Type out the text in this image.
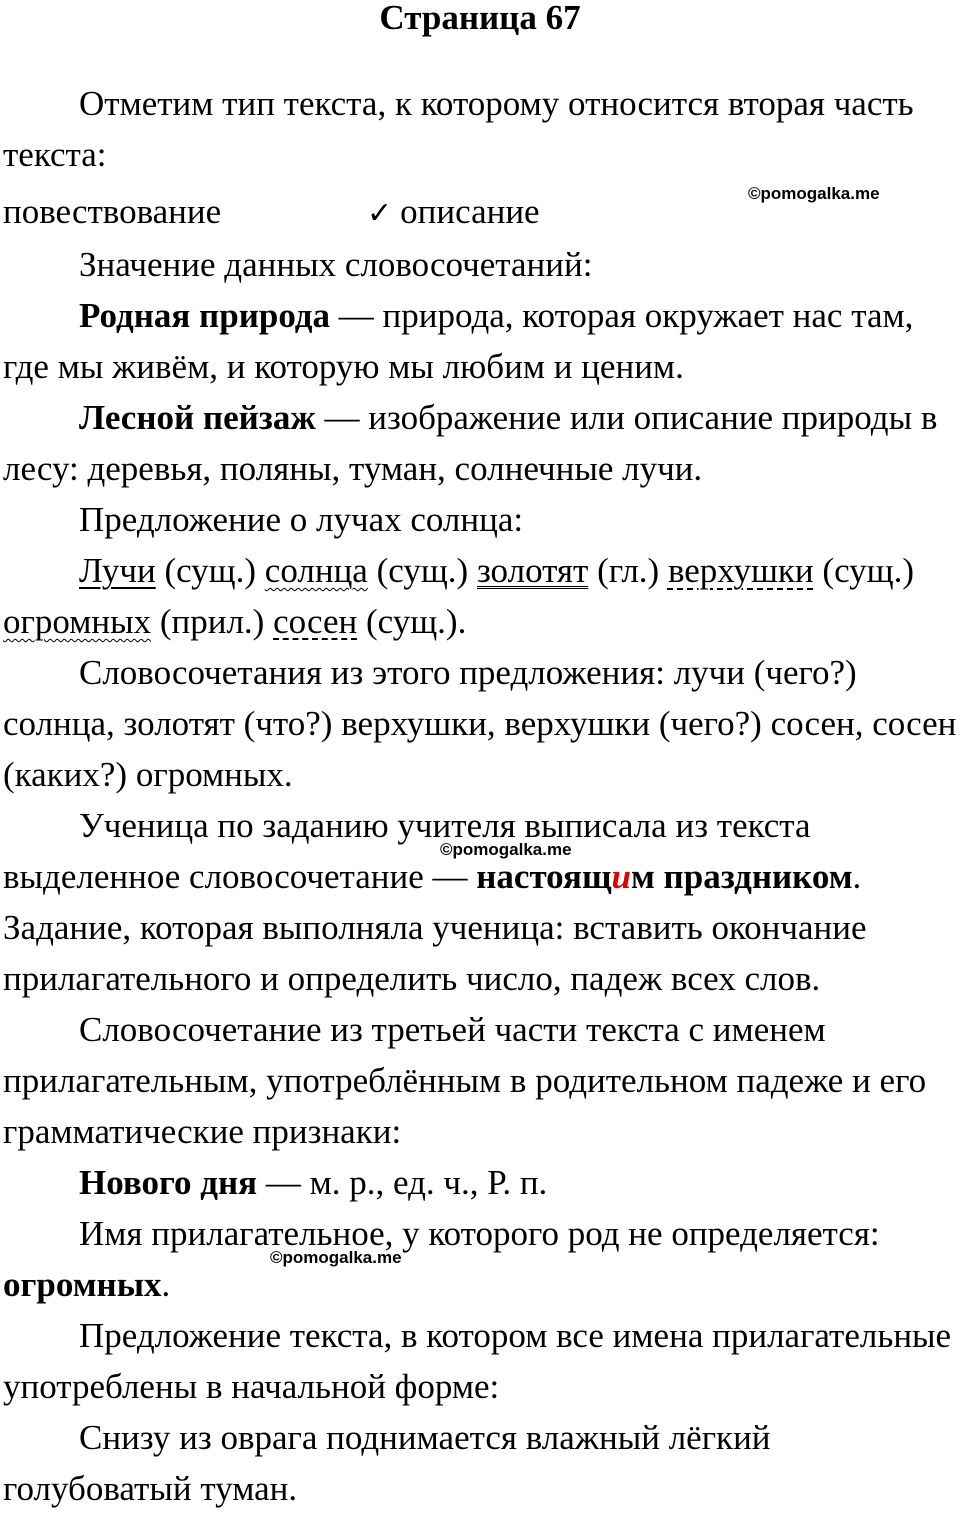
Страница 67

Отметим тип текста, к которому относится вторая часть текста:

повествование	✓ описание	©pomogalka.me

Значение данных словосочетаний:

Родная природа — природа, которая окружает нас там, где мы живём, и которую мы любим и ценим.

Лесной пейзаж — изображение или описание природы в лесу: деревья, поляны, туман, солнечные лучи.

Предложение о лучах солнца:

Лучи (сущ.) солнца (сущ.) золотят (гл.) верхушки (сущ.) огромных (прил.) сосен (сущ.).

Словосочетания из этого предложения: лучи (чего?) солнца, золотят (что?) верхушки, верхушки (чего?) сосен, сосен (каких?) огромных.

Ученица по заданию учителя выписала из текста выделенное словосочетание — настоящим праздником.

©pomogalka.me

Задание, которая выполняла ученица: вставить окончание прилагательного и определить число, падеж всех слов.

Словосочетание из третьей части текста с именем прилагательным, употреблённым в родительном падеже и его грамматические признаки:

Нового дня — м. р., ед. ч., Р. п.

Имя прилагательное, у которого род не определяется: огромных.

©pomogalka.me

Предложение текста, в котором все имена прилагательные употреблены в начальной форме:

Снизу из оврага поднимается влажный лёгкий голубоватый туман.
